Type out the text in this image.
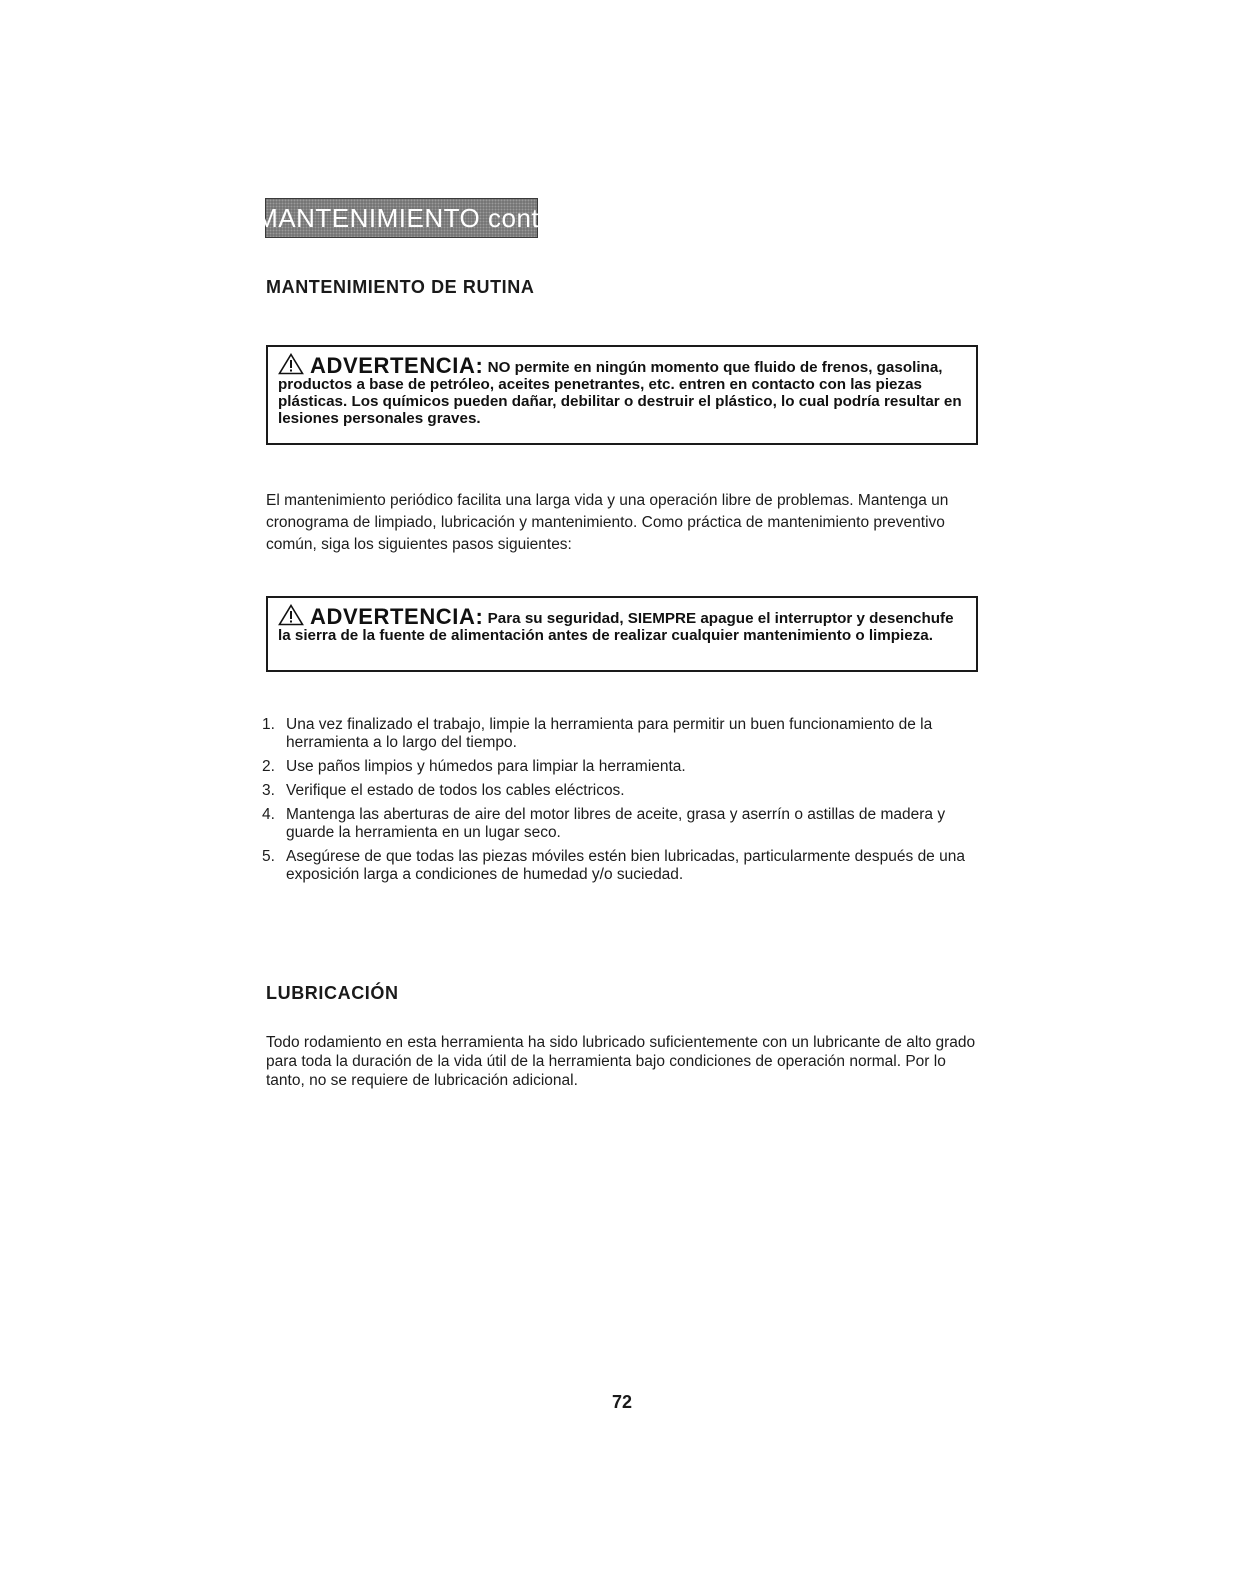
MANTENIMIENTO cont.
MANTENIMIENTO DE RUTINA
ADVERTENCIA: NO permite en ningún momento que fluido de frenos, gasolina, productos a base de petróleo, aceites penetrantes, etc. entren en contacto con las piezas plásticas. Los químicos pueden dañar, debilitar o destruir el plástico, lo cual podría resultar en lesiones personales graves.

El mantenimiento periódico facilita una larga vida y una operación libre de problemas. Mantenga un cronograma de limpiado, lubricación y mantenimiento. Como práctica de mantenimiento preventivo común, siga los siguientes pasos siguientes:

ADVERTENCIA: Para su seguridad, SIEMPRE apague el interruptor y desenchufe la sierra de la fuente de alimentación antes de realizar cualquier mantenimiento o limpieza.
1. Una vez finalizado el trabajo, limpie la herramienta para permitir un buen funcionamiento de la herramienta a lo largo del tiempo.
2. Use paños limpios y húmedos para limpiar la herramienta.
3. Verifique el estado de todos los cables eléctricos.
4. Mantenga las aberturas de aire del motor libres de aceite, grasa y aserrín o astillas de madera y guarde la herramienta en un lugar seco.
5. Asegúrese de que todas las piezas móviles estén bien lubricadas, particularmente después de una exposición larga a condiciones de humedad y/o suciedad.
LUBRICACIÓN

Todo rodamiento en esta herramienta ha sido lubricado suficientemente con un lubricante de alto grado para toda la duración de la vida útil de la herramienta bajo condiciones de operación normal. Por lo tanto, no se requiere de lubricación adicional.

72
